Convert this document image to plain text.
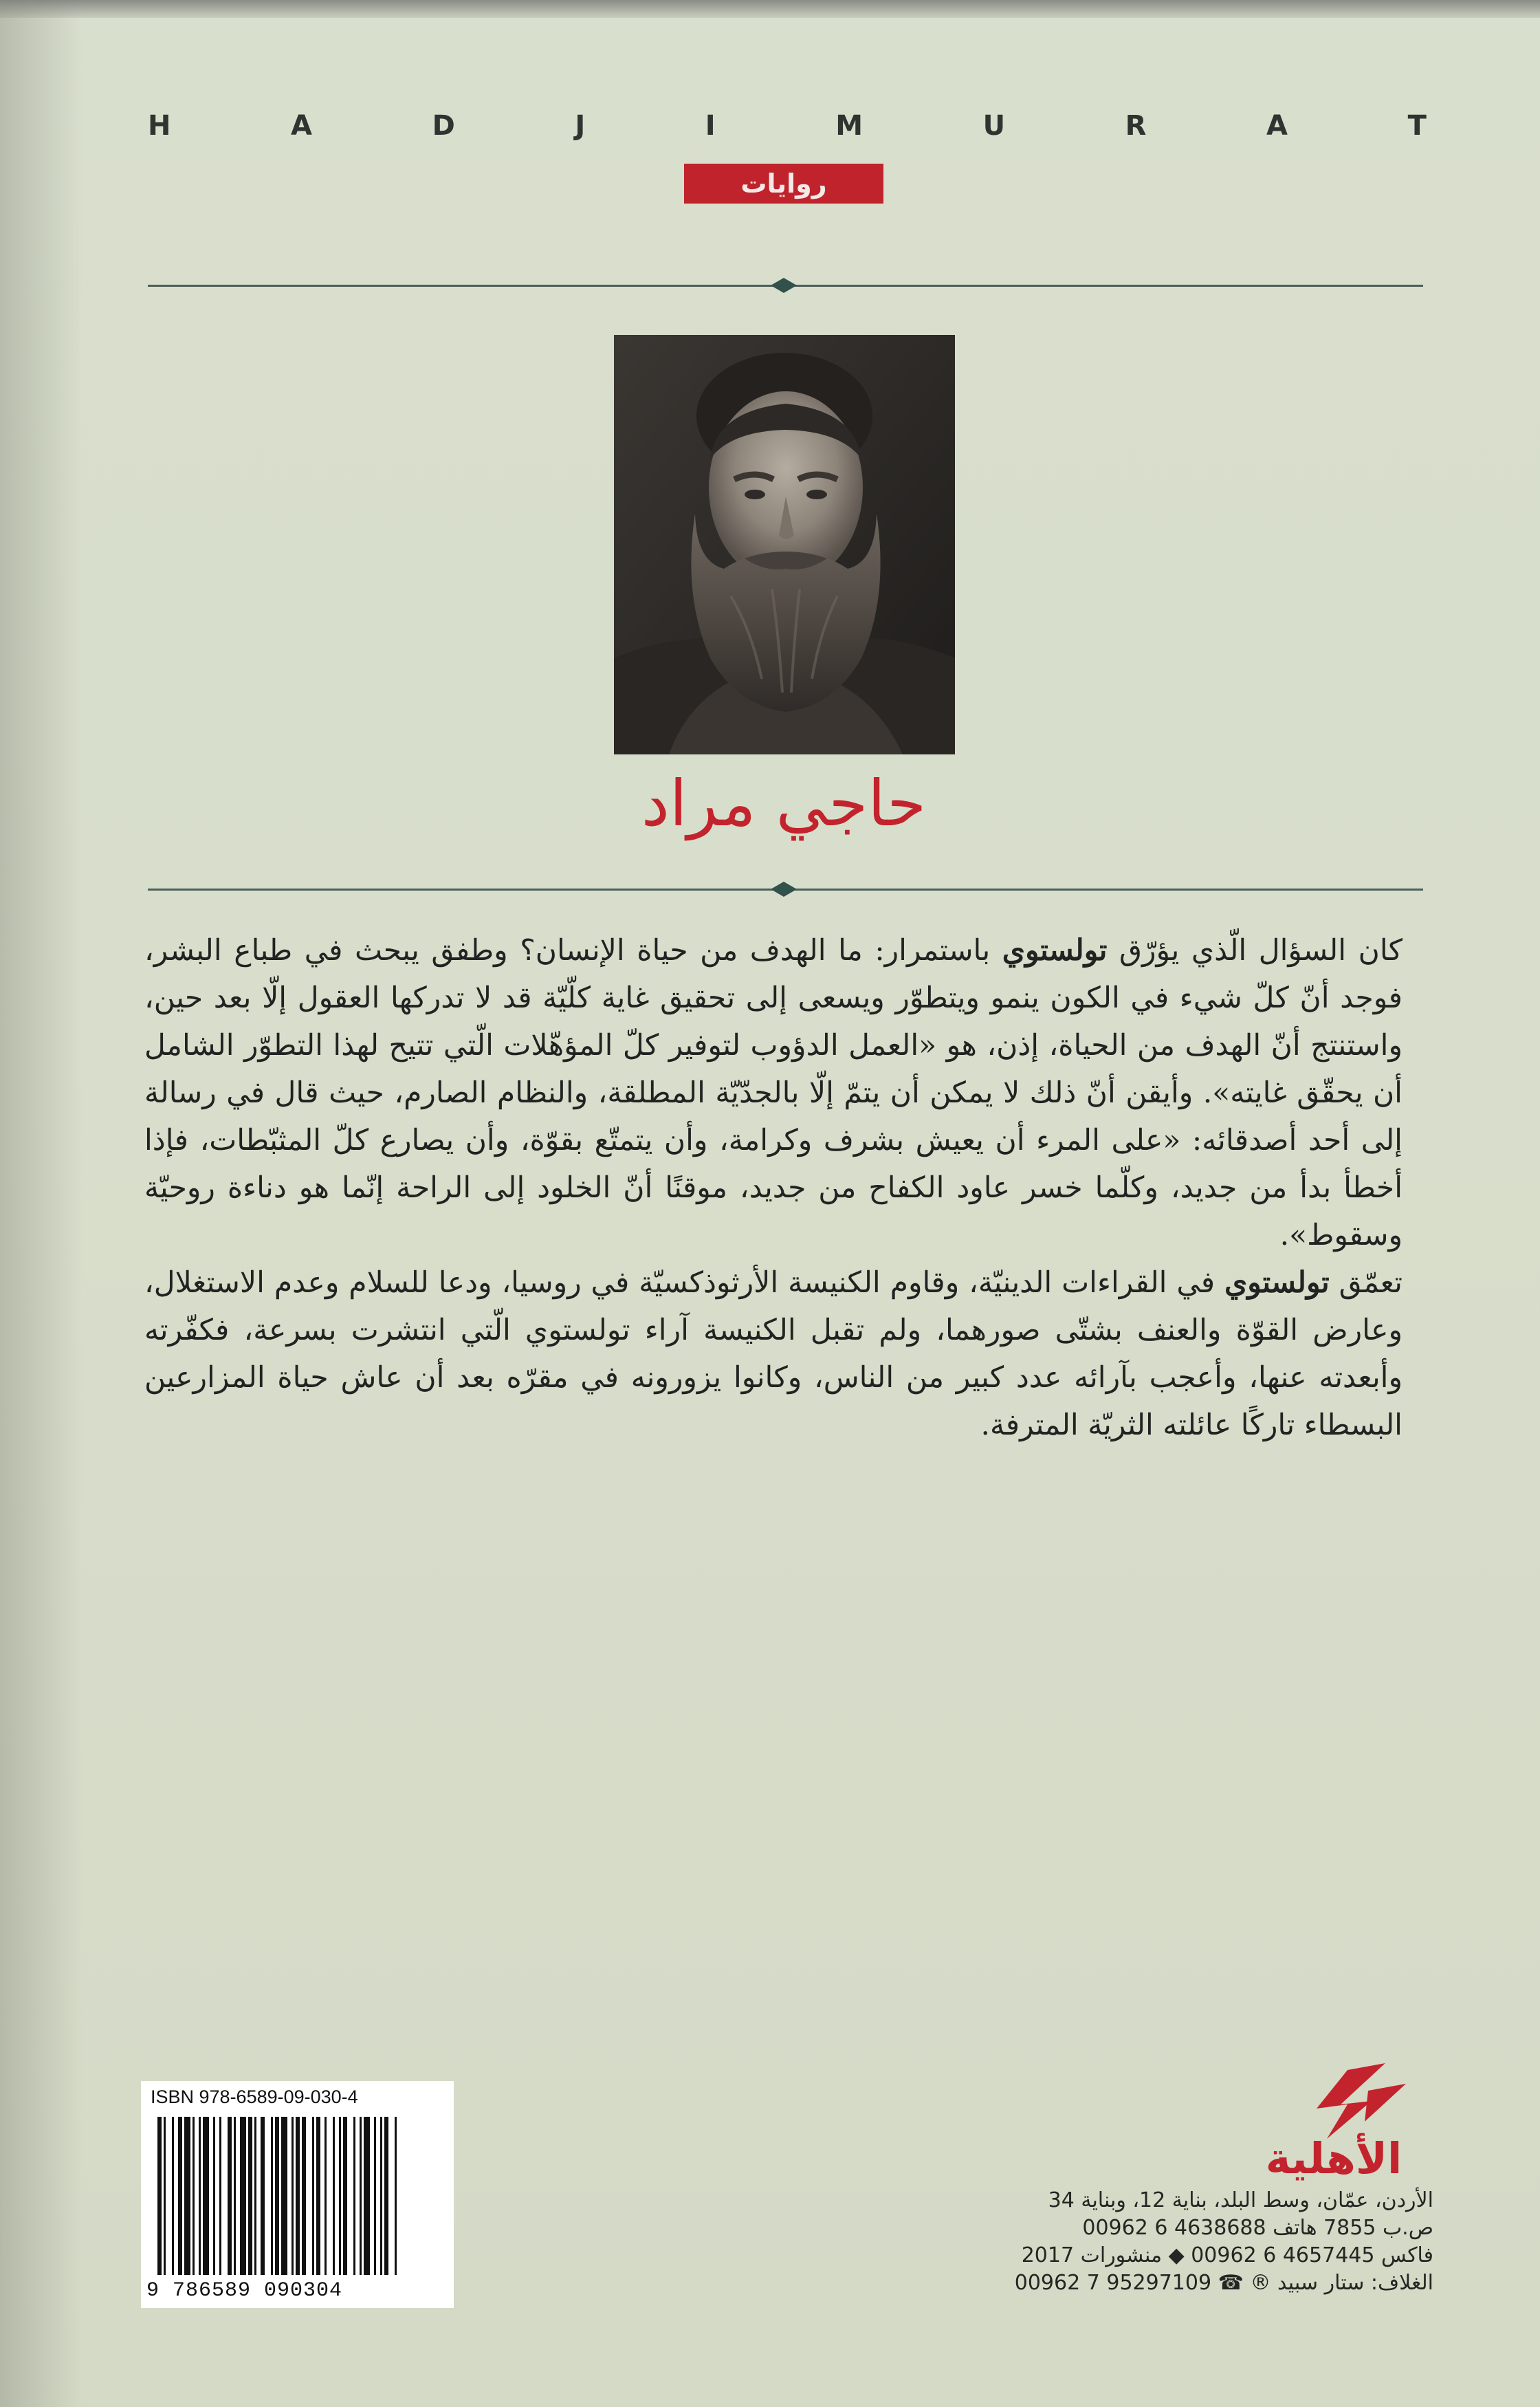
H	A	D	J	I	M	U	R	A	T
روايات
حاجي مراد

كان السؤال الّذي يؤرّق تولستوي باستمرار: ما الهدف من حياة الإنسان؟ وطفق يبحث في طباع البشر، فوجد أنّ كلّ شيء في الكون ينمو ويتطوّر ويسعى إلى تحقيق غاية كلّيّة قد لا تدركها العقول إلّا بعد حين، واستنتج أنّ الهدف من الحياة، إذن، هو «العمل الدؤوب لتوفير كلّ المؤهّلات الّتي تتيح لهذا التطوّر الشامل أن يحقّق غايته». وأيقن أنّ ذلك لا يمكن أن يتمّ إلّا بالجدّيّة المطلقة، والنظام الصارم، حيث قال في رسالة إلى أحد أصدقائه: «على المرء أن يعيش بشرف وكرامة، وأن يتمتّع بقوّة، وأن يصارع كلّ المثبّطات، فإذا أخطأ بدأ من جديد، وكلّما خسر عاود الكفاح من جديد، موقنًا أنّ الخلود إلى الراحة إنّما هو دناءة روحيّة وسقوط».

تعمّق تولستوي في القراءات الدينيّة، وقاوم الكنيسة الأرثوذكسيّة في روسيا، ودعا للسلام وعدم الاستغلال، وعارض القوّة والعنف بشتّى صورهما، ولم تقبل الكنيسة آراء تولستوي الّتي انتشرت بسرعة، فكفّرته وأبعدته عنها، وأعجب بآرائه عدد كبير من الناس، وكانوا يزورونه في مقرّه بعد أن عاش حياة المزارعين البسطاء تاركًا عائلته الثريّة المترفة.

ISBN 978-6589-09-030-4
9 786589 090304
الأهلية
الأردن، عمّان، وسط البلد، بناية 12، وبناية 34
ص.ب 7855 هاتف 4638688 6 00962
فاكس 4657445 6 00962 ◆ منشورات 2017
الغلاف: ستار سبيد ® ☎ 95297109 7 00962
